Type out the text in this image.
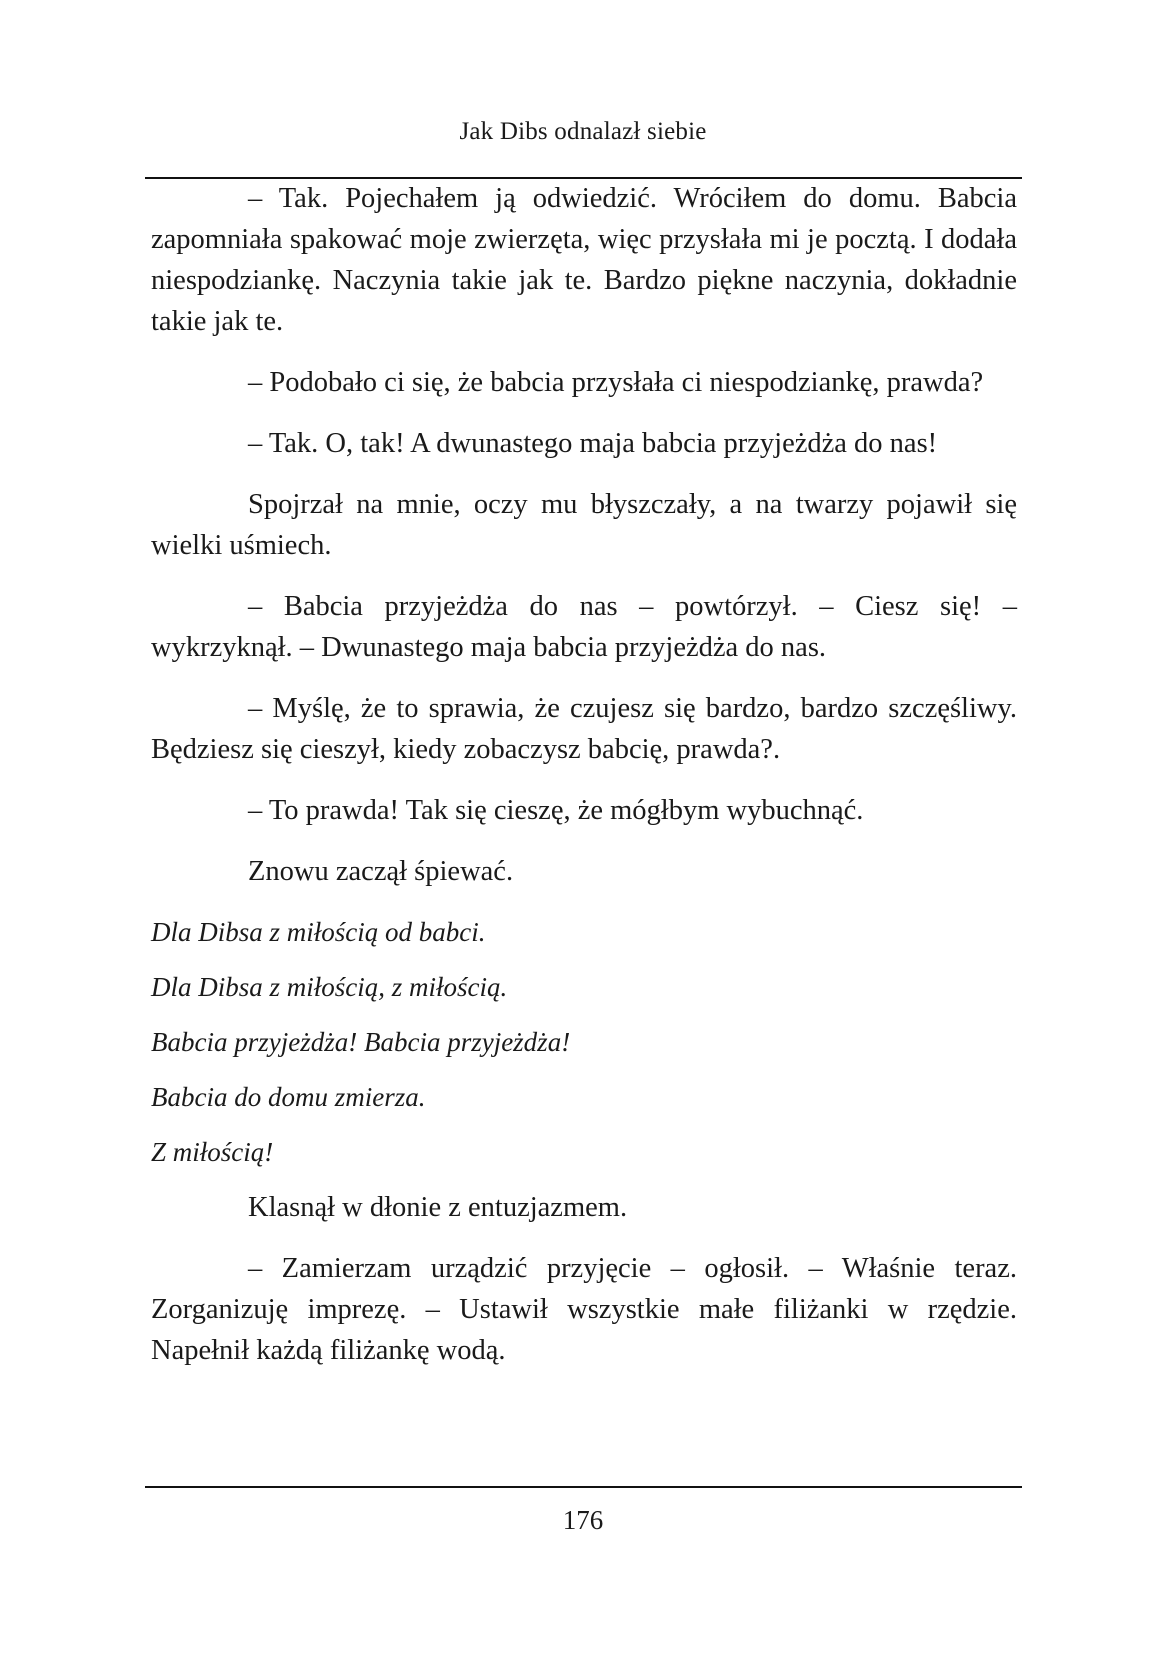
Jak Dibs odnalazł siebie

– Tak. Pojechałem ją odwiedzić. Wróciłem do domu. Babcia zapomniała spakować moje zwierzęta, więc przysłała mi je pocztą. I dodała niespodziankę. Naczynia takie jak te. Bardzo piękne naczynia, dokładnie takie jak te.

– Podobało ci się, że babcia przysłała ci niespodziankę, prawda?

– Tak. O, tak! A dwunastego maja babcia przyjeżdża do nas!

Spojrzał na mnie, oczy mu błyszczały, a na twarzy pojawił się wielki uśmiech.

– Babcia przyjeżdża do nas – powtórzył. – Ciesz się! – wykrzyknął. – Dwunastego maja babcia przyjeżdża do nas.

– Myślę, że to sprawia, że czujesz się bardzo, bardzo szczęśliwy. Będziesz się cieszył, kiedy zobaczysz babcię, prawda?.

– To prawda! Tak się cieszę, że mógłbym wybuchnąć.

Znowu zaczął śpiewać.

Dla Dibsa z miłością od babci.

Dla Dibsa z miłością, z miłością.

Babcia przyjeżdża! Babcia przyjeżdża!

Babcia do domu zmierza.

Z miłością!

Klasnął w dłonie z entuzjazmem.

– Zamierzam urządzić przyjęcie – ogłosił. – Właśnie teraz. Zorganizuję imprezę. – Ustawił wszystkie małe filiżanki w rzędzie. Napełnił każdą filiżankę wodą.

176
